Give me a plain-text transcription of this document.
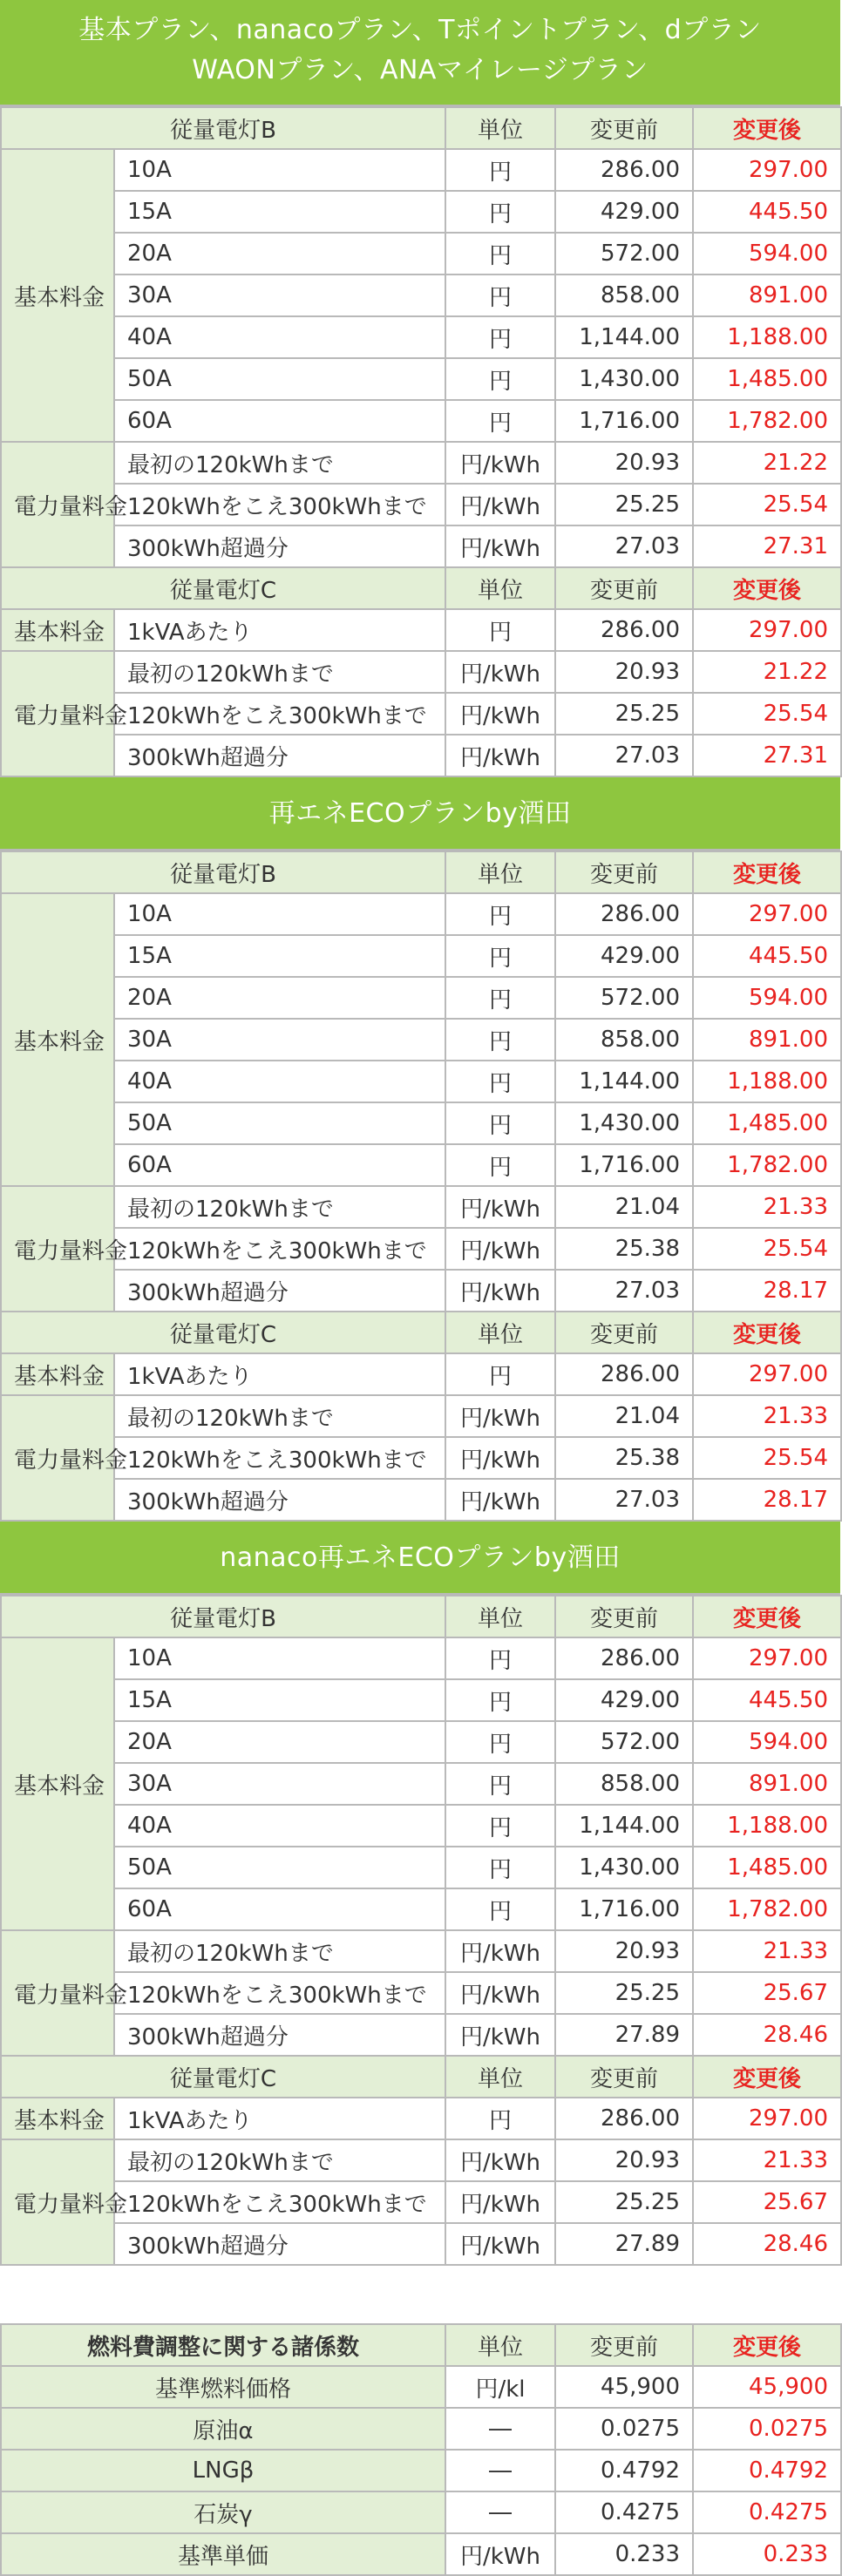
基本プラン、nanacoプラン、Tポイントプラン、dプラン
WAONプラン、ANAマイレージプラン
従量電灯B		単位	変更前	変更後
基本料金	10A	円	286.00	297.00
	15A	円	429.00	445.50
	20A	円	572.00	594.00
	30A	円	858.00	891.00
	40A	円	1,144.00	1,188.00
	50A	円	1,430.00	1,485.00
	60A	円	1,716.00	1,782.00
電力量料金	最初の120kWhまで	円/kWh	20.93	21.22
	120kWhをこえ300kWhまで	円/kWh	25.25	25.54
	300kWh超過分	円/kWh	27.03	27.31
従量電灯C		単位	変更前	変更後
基本料金	1kVAあたり	円	286.00	297.00
電力量料金	最初の120kWhまで	円/kWh	20.93	21.22
	120kWhをこえ300kWhまで	円/kWh	25.25	25.54
	300kWh超過分	円/kWh	27.03	27.31
再エネECOプランby酒田
従量電灯B		単位	変更前	変更後
基本料金	10A	円	286.00	297.00
	15A	円	429.00	445.50
	20A	円	572.00	594.00
	30A	円	858.00	891.00
	40A	円	1,144.00	1,188.00
	50A	円	1,430.00	1,485.00
	60A	円	1,716.00	1,782.00
電力量料金	最初の120kWhまで	円/kWh	21.04	21.33
	120kWhをこえ300kWhまで	円/kWh	25.38	25.54
	300kWh超過分	円/kWh	27.03	28.17
従量電灯C		単位	変更前	変更後
基本料金	1kVAあたり	円	286.00	297.00
電力量料金	最初の120kWhまで	円/kWh	21.04	21.33
	120kWhをこえ300kWhまで	円/kWh	25.38	25.54
	300kWh超過分	円/kWh	27.03	28.17
nanaco再エネECOプランby酒田
従量電灯B		単位	変更前	変更後
基本料金	10A	円	286.00	297.00
	15A	円	429.00	445.50
	20A	円	572.00	594.00
	30A	円	858.00	891.00
	40A	円	1,144.00	1,188.00
	50A	円	1,430.00	1,485.00
	60A	円	1,716.00	1,782.00
電力量料金	最初の120kWhまで	円/kWh	20.93	21.33
	120kWhをこえ300kWhまで	円/kWh	25.25	25.67
	300kWh超過分	円/kWh	27.89	28.46
従量電灯C		単位	変更前	変更後
基本料金	1kVAあたり	円	286.00	297.00
電力量料金	最初の120kWhまで	円/kWh	20.93	21.33
	120kWhをこえ300kWhまで	円/kWh	25.25	25.67
	300kWh超過分	円/kWh	27.89	28.46
燃料費調整に関する諸係数	単位	変更前	変更後
基準燃料価格	円/kl	45,900	45,900
原油α	―	0.0275	0.0275
LNGβ	―	0.4792	0.4792
石炭γ	―	0.4275	0.4275
基準単価	円/kWh	0.233	0.233
